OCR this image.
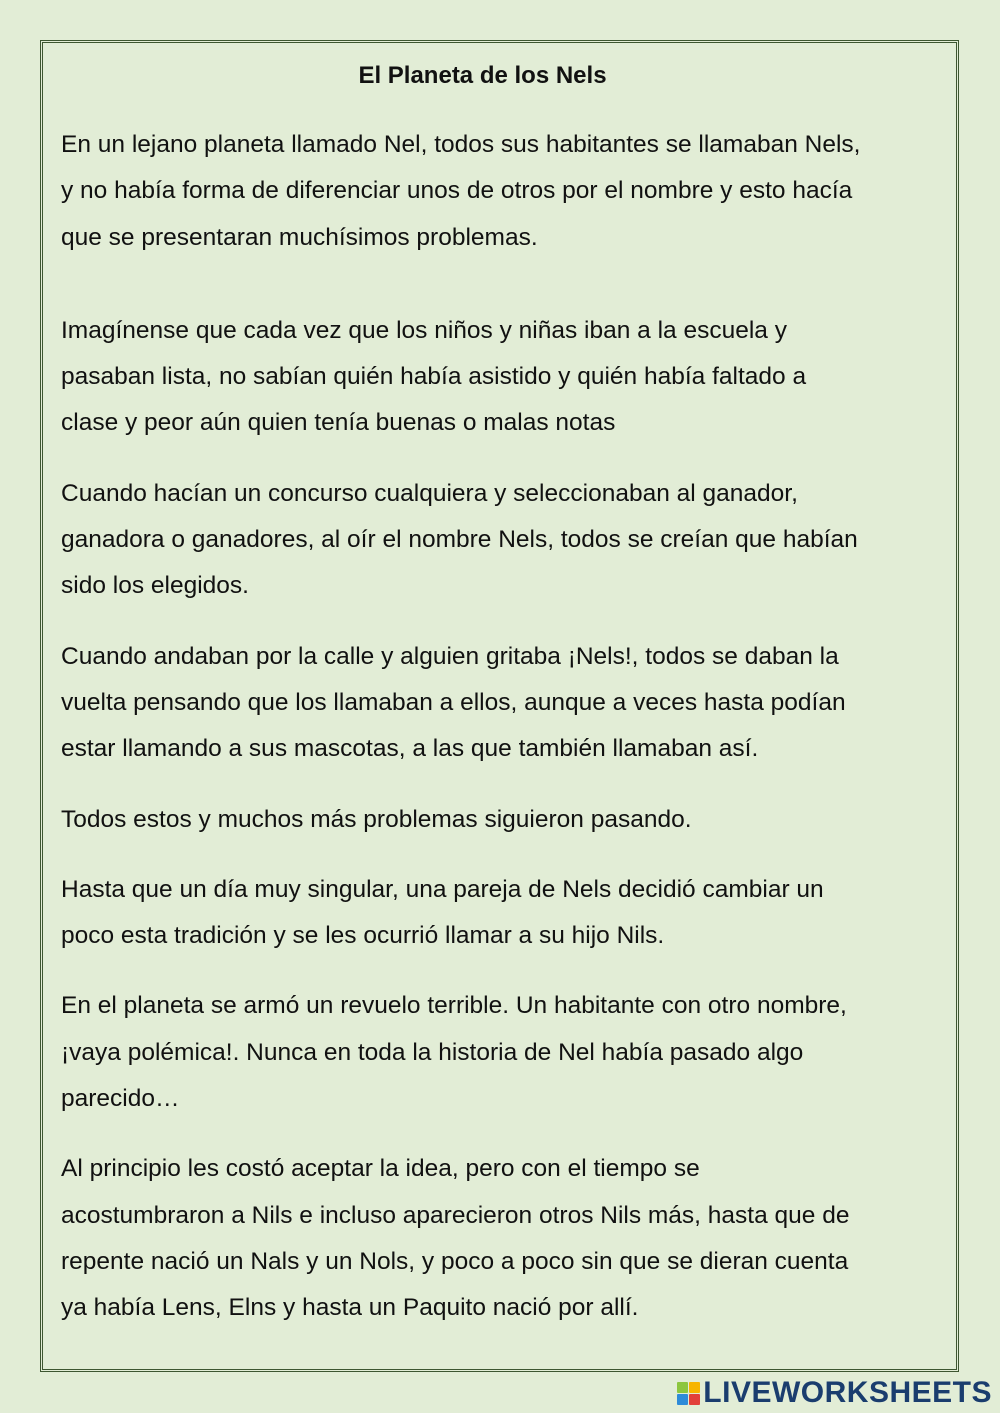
El Planeta de los Nels
En un lejano planeta llamado Nel, todos sus habitantes se llamaban Nels,
y no había forma de diferenciar unos de otros por el nombre y esto hacía
que se presentaran muchísimos problemas.
Imagínense que cada vez que los niños y niñas iban a la escuela y
pasaban lista, no sabían quién había asistido y quién había faltado a
clase y peor aún quien tenía buenas o malas notas
Cuando hacían un concurso cualquiera y seleccionaban al ganador,
ganadora o ganadores, al oír el nombre Nels, todos se creían que habían
sido los elegidos.
Cuando andaban por la calle y alguien gritaba ¡Nels!, todos se daban la
vuelta pensando que los llamaban a ellos, aunque a veces hasta podían
estar llamando a sus mascotas, a las que también llamaban así.
Todos estos y muchos más problemas siguieron pasando.
Hasta que un día muy singular, una pareja de Nels decidió cambiar un
poco esta tradición y se les ocurrió llamar a su hijo Nils.
En el planeta se armó un revuelo terrible. Un habitante con otro nombre,
¡vaya polémica!. Nunca en toda la historia de Nel había pasado algo
parecido…
Al principio les costó aceptar la idea, pero con el tiempo se
acostumbraron a Nils e incluso aparecieron otros Nils más, hasta que de
repente nació un Nals y un Nols, y poco a poco sin que se dieran cuenta
ya había Lens, Elns y hasta un Paquito nació por allí.
LIVEWORKSHEETS
